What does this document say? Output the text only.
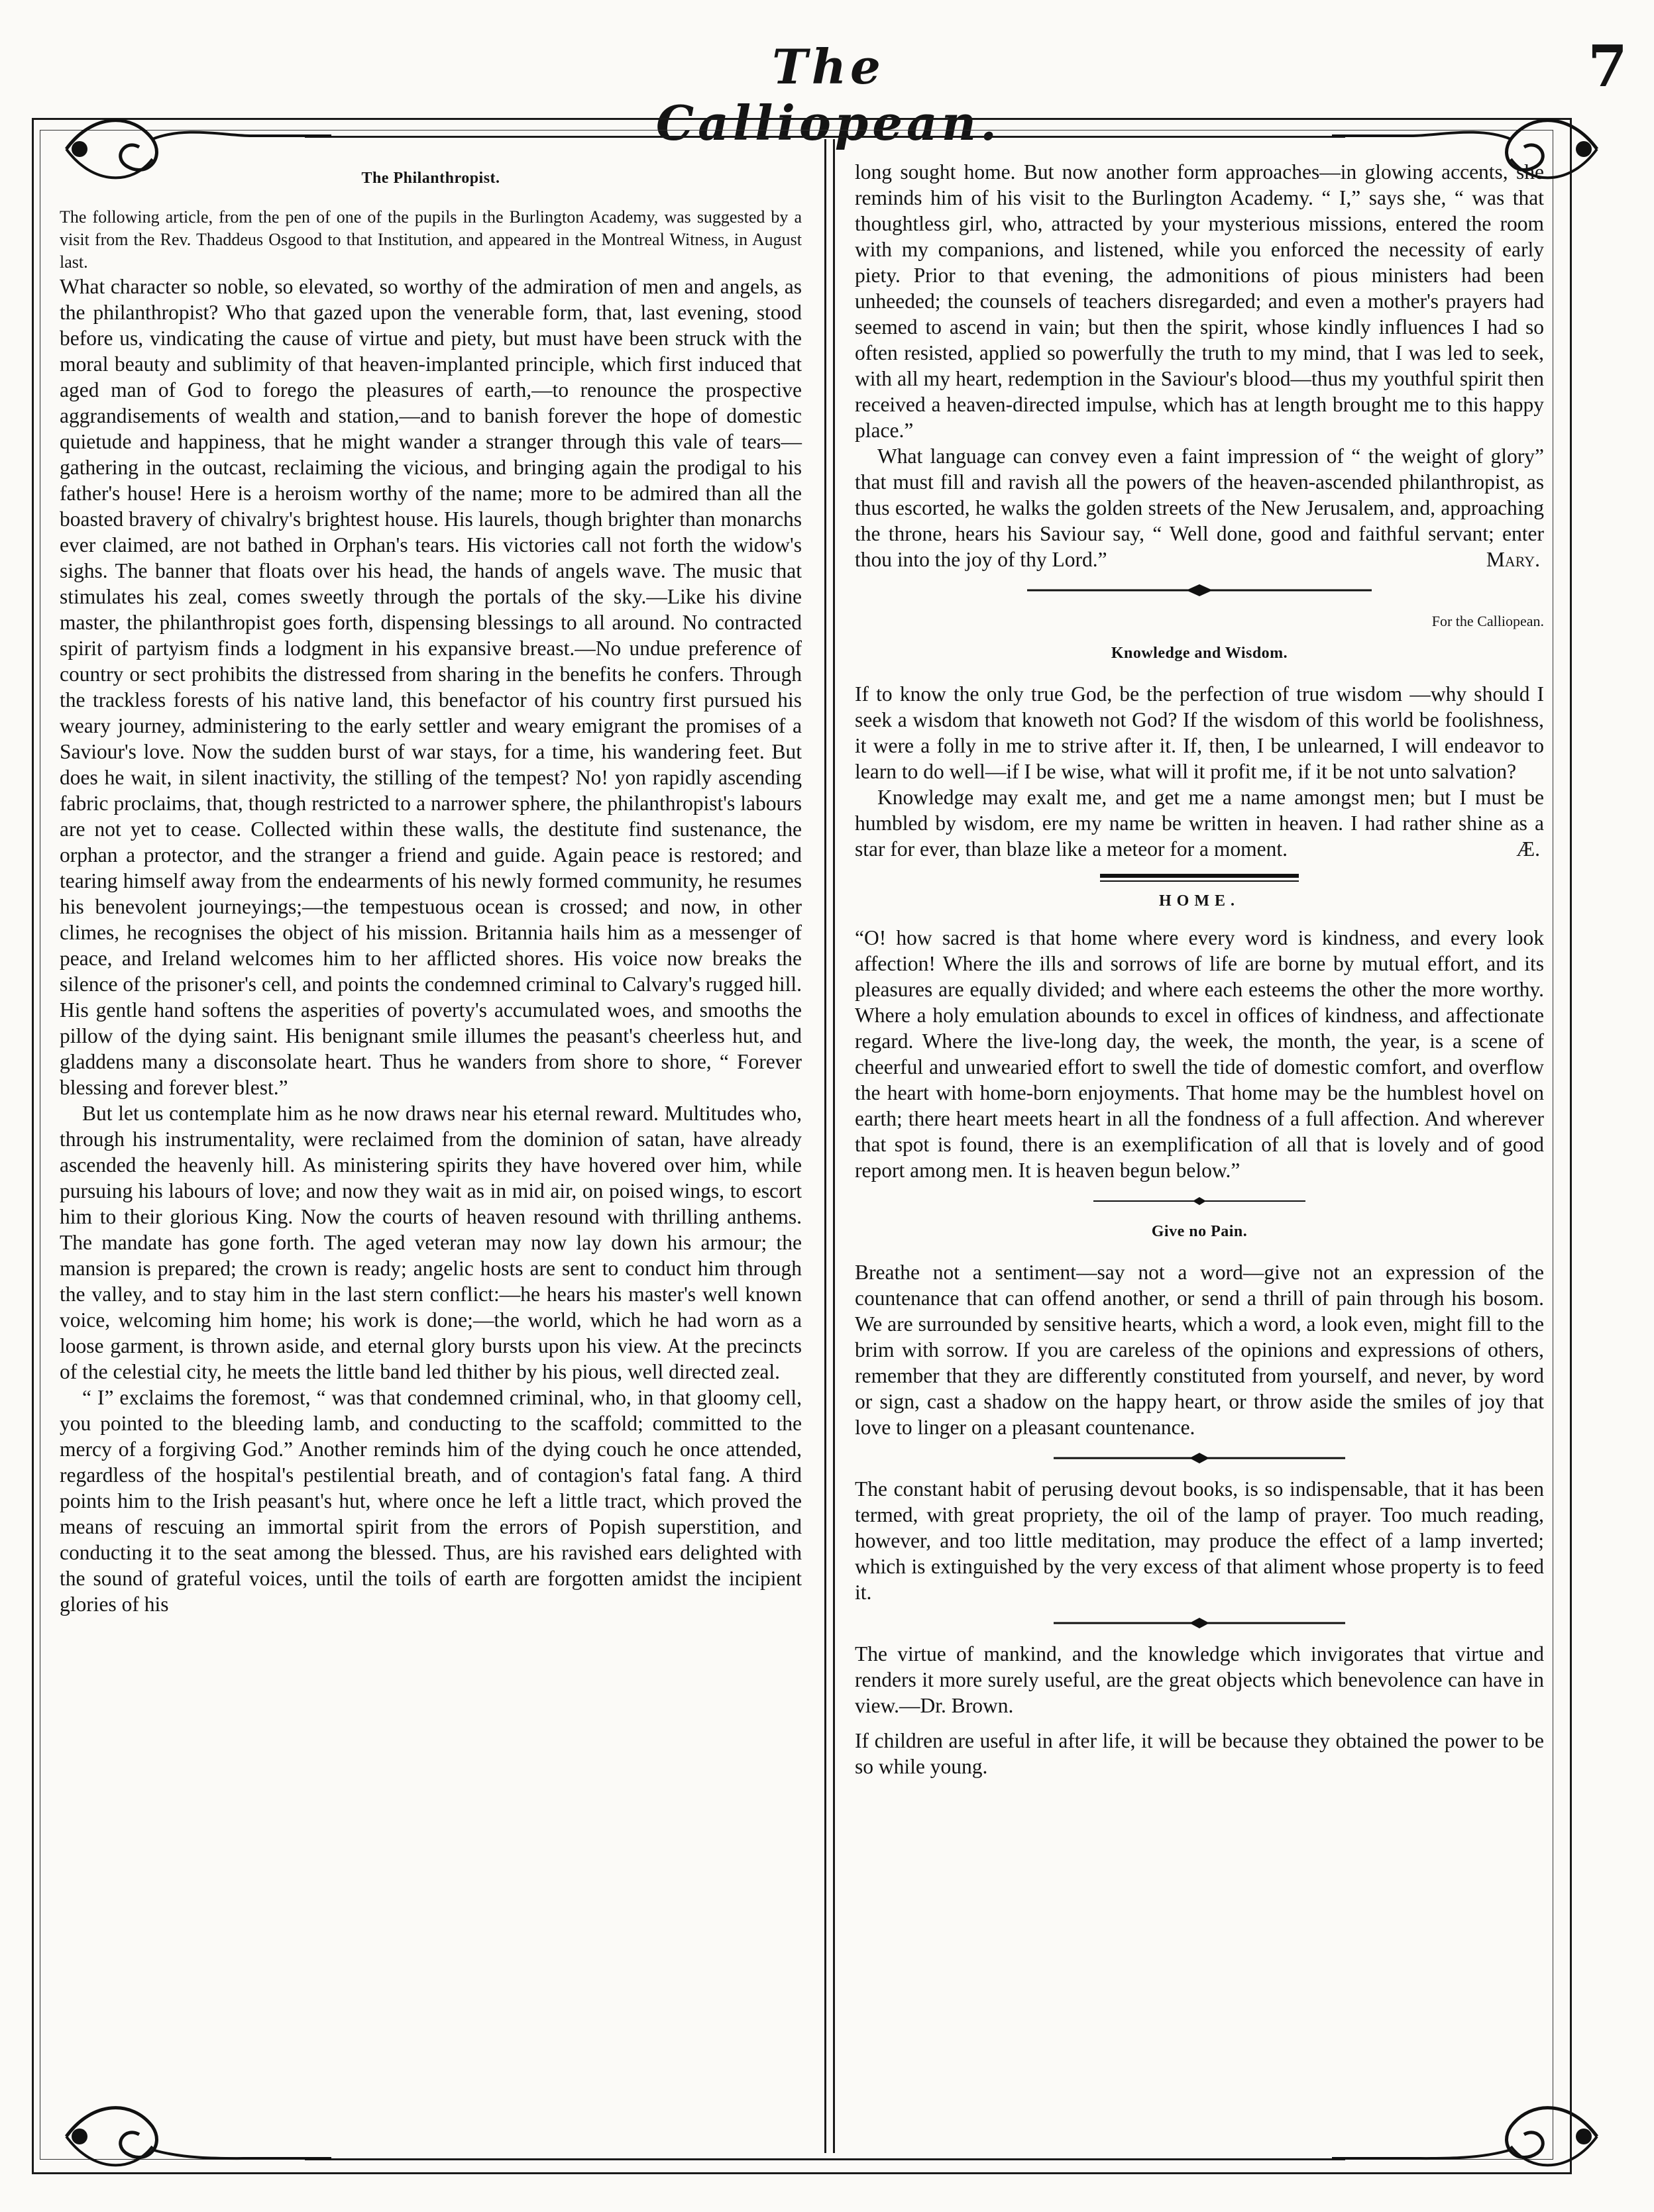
The Calliopean.
7
The Philanthropist.

The following article, from the pen of one of the pupils in the Burlington Academy, was suggested by a visit from the Rev. Thaddeus Osgood to that Institution, and appeared in the Montreal Witness, in August last.

What character so noble, so elevated, so worthy of the admiration of men and angels, as the philanthropist? Who that gazed upon the venerable form, that, last evening, stood before us, vindicating the cause of virtue and piety, but must have been struck with the moral beauty and sublimity of that heaven-implanted principle, which first induced that aged man of God to forego the pleasures of earth,—to renounce the prospective aggrandisements of wealth and station,—and to banish forever the hope of domestic quietude and happiness, that he might wander a stranger through this vale of tears—gathering in the outcast, reclaiming the vicious, and bringing again the prodigal to his father's house! Here is a heroism worthy of the name; more to be admired than all the boasted bravery of chivalry's brightest house. His laurels, though brighter than monarchs ever claimed, are not bathed in Orphan's tears. His victories call not forth the widow's sighs. The banner that floats over his head, the hands of angels wave. The music that stimulates his zeal, comes sweetly through the portals of the sky.—Like his divine master, the philanthropist goes forth, dispensing blessings to all around. No contracted spirit of partyism finds a lodgment in his expansive breast.—No undue preference of country or sect prohibits the distressed from sharing in the benefits he confers. Through the trackless forests of his native land, this benefactor of his country first pursued his weary journey, administering to the early settler and weary emigrant the promises of a Saviour's love. Now the sudden burst of war stays, for a time, his wandering feet. But does he wait, in silent inactivity, the stilling of the tempest? No! yon rapidly ascending fabric proclaims, that, though restricted to a narrower sphere, the philanthropist's labours are not yet to cease. Collected within these walls, the destitute find sustenance, the orphan a protector, and the stranger a friend and guide. Again peace is restored; and tearing himself away from the endearments of his newly formed community, he resumes his benevolent journeyings;—the tempestuous ocean is crossed; and now, in other climes, he recognises the object of his mission. Britannia hails him as a messenger of peace, and Ireland welcomes him to her afflicted shores. His voice now breaks the silence of the prisoner's cell, and points the condemned criminal to Calvary's rugged hill. His gentle hand softens the asperities of poverty's accumulated woes, and smooths the pillow of the dying saint. His benignant smile illumes the peasant's cheerless hut, and gladdens many a disconsolate heart. Thus he wanders from shore to shore, “ Forever blessing and forever blest.”

But let us contemplate him as he now draws near his eternal reward. Multitudes who, through his instrumentality, were reclaimed from the dominion of satan, have already ascended the heavenly hill. As ministering spirits they have hovered over him, while pursuing his labours of love; and now they wait as in mid air, on poised wings, to escort him to their glorious King. Now the courts of heaven resound with thrilling anthems. The mandate has gone forth. The aged veteran may now lay down his armour; the mansion is prepared; the crown is ready; angelic hosts are sent to conduct him through the valley, and to stay him in the last stern conflict:—he hears his master's well known voice, welcoming him home; his work is done;—the world, which he had worn as a loose garment, is thrown aside, and eternal glory bursts upon his view. At the precincts of the celestial city, he meets the little band led thither by his pious, well directed zeal.

“ I” exclaims the foremost, “ was that condemned criminal, who, in that gloomy cell, you pointed to the bleeding lamb, and conducting to the scaffold; committed to the mercy of a forgiving God.” Another reminds him of the dying couch he once attended, regardless of the hospital's pestilential breath, and of contagion's fatal fang. A third points him to the Irish peasant's hut, where once he left a little tract, which proved the means of rescuing an immortal spirit from the errors of Popish superstition, and conducting it to the seat among the blessed. Thus, are his ravished ears delighted with the sound of grateful voices, until the toils of earth are forgotten amidst the incipient glories of his

long sought home. But now another form approaches—in glowing accents, she reminds him of his visit to the Burlington Academy. “ I,” says she, “ was that thoughtless girl, who, attracted by your mysterious missions, entered the room with my companions, and listened, while you enforced the necessity of early piety. Prior to that evening, the admonitions of pious ministers had been unheeded; the counsels of teachers disregarded; and even a mother's prayers had seemed to ascend in vain; but then the spirit, whose kindly influences I had so often resisted, applied so powerfully the truth to my mind, that I was led to seek, with all my heart, redemption in the Saviour's blood—thus my youthful spirit then received a heaven-directed impulse, which has at length brought me to this happy place.”

What language can convey even a faint impression of “ the weight of glory” that must fill and ravish all the powers of the heaven-ascended philanthropist, as thus escorted, he walks the golden streets of the New Jerusalem, and, approaching the throne, hears his Saviour say, “ Well done, good and faithful servant; enter thou into the joy of thy Lord.”	Mary.

For the Calliopean.

Knowledge and Wisdom.

If to know the only true God, be the perfection of true wisdom —why should I seek a wisdom that knoweth not God? If the wisdom of this world be foolishness, it were a folly in me to strive after it. If, then, I be unlearned, I will endeavor to learn to do well—if I be wise, what will it profit me, if it be not unto salvation?

Knowledge may exalt me, and get me a name amongst men; but I must be humbled by wisdom, ere my name be written in heaven. I had rather shine as a star for ever, than blaze like a meteor for a moment.	Æ.

HOME.

“O! how sacred is that home where every word is kindness, and every look affection! Where the ills and sorrows of life are borne by mutual effort, and its pleasures are equally divided; and where each esteems the other the more worthy. Where a holy emulation abounds to excel in offices of kindness, and affectionate regard. Where the live-long day, the week, the month, the year, is a scene of cheerful and unwearied effort to swell the tide of domestic comfort, and overflow the heart with home-born enjoyments. That home may be the humblest hovel on earth; there heart meets heart in all the fondness of a full affection. And wherever that spot is found, there is an exemplification of all that is lovely and of good report among men. It is heaven begun below.”

Give no Pain.

Breathe not a sentiment—say not a word—give not an expression of the countenance that can offend another, or send a thrill of pain through his bosom. We are surrounded by sensitive hearts, which a word, a look even, might fill to the brim with sorrow. If you are careless of the opinions and expressions of others, remember that they are differently constituted from yourself, and never, by word or sign, cast a shadow on the happy heart, or throw aside the smiles of joy that love to linger on a pleasant countenance.

The constant habit of perusing devout books, is so indispensable, that it has been termed, with great propriety, the oil of the lamp of prayer. Too much reading, however, and too little meditation, may produce the effect of a lamp inverted; which is extinguished by the very excess of that aliment whose property is to feed it.

The virtue of mankind, and the knowledge which invigorates that virtue and renders it more surely useful, are the great objects which benevolence can have in view.—Dr. Brown.

If children are useful in after life, it will be because they obtained the power to be so while young.
